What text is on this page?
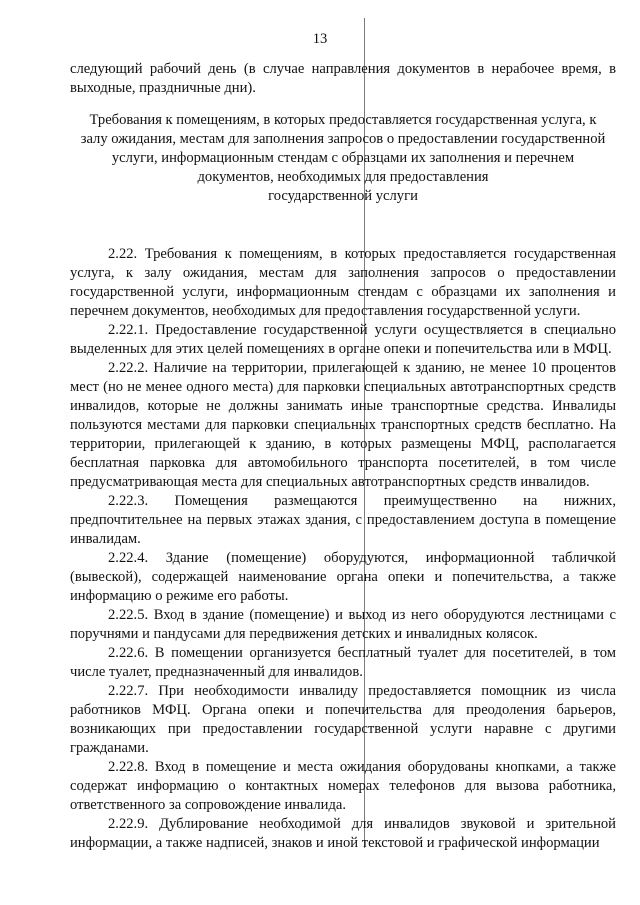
13

следующий рабочий день (в случае направления документов в нерабочее время, в выходные, праздничные дни).

Требования к помещениям, в которых предоставляется государственная услуга, к
залу ожидания, местам для заполнения запросов о предоставлении государственной
услуги, информационным стендам с образцами их заполнения и перечнем
документов, необходимых для предоставления
государственной услуги

2.22. Требования к помещениям, в которых предоставляется государственная услуга, к залу ожидания, местам для заполнения запросов о предоставлении государственной услуги, информационным стендам с образцами их заполнения и перечнем документов, необходимых для предоставления государственной услуги.

2.22.1. Предоставление государственной услуги осуществляется в специально выделенных для этих целей помещениях в органе опеки и попечительства или в МФЦ.

2.22.2. Наличие на территории, прилегающей к зданию, не менее 10 процентов мест (но не менее одного места) для парковки специальных автотранспортных средств инвалидов, которые не должны занимать иные транспортные средства. Инвалиды пользуются местами для парковки специальных транспортных средств бесплатно. На территории, прилегающей к зданию, в которых размещены МФЦ, располагается бесплатная парковка для автомобильного транспорта посетителей, в том числе предусматривающая места для специальных автотранспортных средств инвалидов.

2.22.3. Помещения размещаются преимущественно на нижних, предпочтительнее на первых этажах здания, с предоставлением доступа в помещение инвалидам.

2.22.4. Здание (помещение) оборудуются, информационной табличкой (вывеской), содержащей наименование органа опеки и попечительства, а также информацию о режиме его работы.

2.22.5. Вход в здание (помещение) и выход из него оборудуются лестницами с поручнями и пандусами для передвижения детских и инвалидных колясок.

2.22.6. В помещении организуется бесплатный туалет для посетителей, в том числе туалет, предназначенный для инвалидов.

2.22.7. При необходимости инвалиду предоставляется помощник из числа работников МФЦ. Органа опеки и попечительства для преодоления барьеров, возникающих при предоставлении государственной услуги наравне с другими гражданами.

2.22.8. Вход в помещение и места ожидания оборудованы кнопками, а также содержат информацию о контактных номерах телефонов для вызова работника, ответственного за сопровождение инвалида.

2.22.9. Дублирование необходимой для инвалидов звуковой и зрительной информации, а также надписей, знаков и иной текстовой и графической информации
